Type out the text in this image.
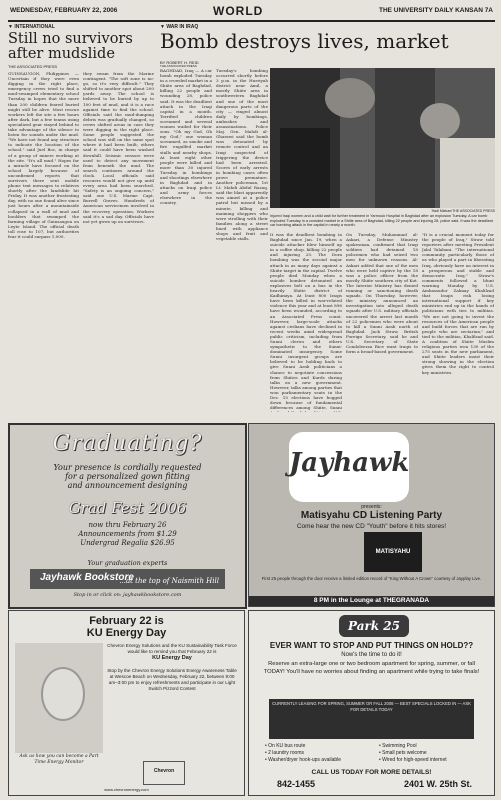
WEDNESDAY, FEBRUARY 22, 2006	WORLD	THE UNIVERSITY DAILY KANSAN 7A
▼ INTERNATIONAL
Still no survivors after mudslide
THE ASSOCIATED PRESS
GUINSAUGON, Philippines — Uncertain if they were even digging in the right place, emergency crews tried to find a mud-swamped elementary school Tuesday in hopes that the more than 200 children feared buried might still be alive. Most rescue workers left the site a few hours after dark, but a few teams using specialized gear stayed behind to take advantage of the silence to listen for sounds under the mud. "We have not found any structure to indicate the location of the school," said Juel Boc, in charge of a group of miners working at the site. "It's all mud." Hopes for a miracle have focused on the school largely because of unconfirmed reports that survivors there sent mobile phone text messages to relatives shortly after the landslide hit Friday. It was another frustrating day, with no one found alive since just hours after a mountainside collapsed in a wall of mud and boulders that swamped the farming village of Guinsaugon on Leyte Island. The official death toll rose to 107, but authorities fear it could surpass 1,000.
they swam from the Marine contingent. "The soft zone is no-go, so it's very difficult." They shifted to another spot about 200 yards away. The school is believed to be buried by up to 100 feet of mud, and it is a race against time to find the school. Officials said the mud-dumping debris was gradually changed, so crews shifted areas in case they were digging in the right place. Some people suggested the school was still on the same spot where it had been built; others said it could have been washed downhill. Seismic sensors were used to detect any movement from beneath the mud. The search continues around the clock. Local officials said rescuers would not give up until every area had been searched. "Safety is an ongoing concern," said one U.S. Marine Capt. Burrell Graves. Hundreds of American servicemen involved in the recovery operation. Workers said it's a sad day. Officials have not yet given up on survivors.
▼ WAR IN IRAQ
Bomb destroys lives, market
BY ROBERT H. REID
THE ASSOCIATED PRESS
BAGHDAD, Iraq — A car bomb exploded Tuesday in a crowded market in a Shiite area of Baghdad, killing 22 people and wounding 28, police said. It was the deadliest attack in the Iraqi capital in a month. Terrified children screamed and several women wailed for their sons. "Oh my God, Oh my God," one woman screamed, as smoke and fire engulfed market stalls and nearby shops. At least eight other people were killed and more than 30 injured Tuesday in bombings and shootings elsewhere in Baghdad and in attacks on Iraqi police and army forces elsewhere in the country.
Tuesday's bombing occurred shortly before 3 p.m. in the Hurriyah district near Amil, a mostly Shiite area in southwestern Baghdad and one of the most dangerous parts of the city — ringed almost daily by bombings, ambushes and assassinations. Police Maj. Gen. Mahdi al-Gharawi said the bomb was detonated by remote control and an Iraqi suspected of triggering the device had been arrested. Scores of early arrests in bombing cases often prove premature. Another policeman, 1st Lt. Mahdi Abdul Razaq, said the blast apparently was aimed at a police patrol but missed by a minute, killing and maiming shoppers who were strolling with their families along a street lined with appliance shops and fruit and vegetable stalls.
Hadi Mizban/THE ASSOCIATED PRESS
Injured Iraqi women and a child wait for further treatment in Yarmouk Hospital in Baghdad after an explosion Tuesday. A car bomb exploded Tuesday in a crowded market in a Shiite area of Baghdad, killing 22 people and injuring 28, police said. It was the deadliest car bombing attack in the capital in nearly a month.
It was the deadliest bombing in Baghdad since Jan. 19, when a suicide attacker blew himself up in a coffee shop, killing 22 people and injuring 25. The Dora bombing was the second major attack in as many days against a Shiite target in the capital. Twelve people died Monday when a suicide bomber detonated an explosives belt on a bus in the heavily Shiite district of Kadhimiya. At least 800 Iraqis have been killed in war-related violence this year and at least 896 have been wounded, according to an Associated Press count. However, large-scale attacks against civilians have declined in recent weeks amid widespread public criticism, including from Sunni clerics and others sympathetic to the Sunni-dominated insurgency. Some Sunni insurgent groups are believed to be holding back to give Sunni Arab politicians a chance to negotiate concessions from Shiites and Kurds during talks on a new government. However, talks among parties that won parliamentary seats in the Dec. 15 elections have bogged down because of fundamental differences among Shiite, Sunni
On Tuesday, Muhammad al-Askari, a Defense Ministry spokesman, confirmed that Iraqi soldiers had detained 18 policemen who had seized two men for unknown reasons. Al-Askari added that one of the men who were held captive by the 18 was a police officer from the mostly Shiite southern city of Kut. The Interior Ministry has denied running or sanctioning death squads. On Thursday, however, the ministry announced an investigation into alleged death squads after U.S. military officials uncovered the arrest last month of 22 policemen who were about to kill a Sunni Arab north of Baghdad. Jack Straw, British Foreign Secretary, said he and U.S. Secretary of State Condoleezza Rice want Iraqis to form a broad-based government.
"It is a crucial moment today for the people of Iraq," Straw told reporters after meeting President Jalal Talabani. "The international community particularly those of us who played a part in liberating Iraq, obviously have an interest in a prosperous and stable and democratic Iraq." Straw's comments followed a blunt warning Monday by U.S. Ambassador Zalmay Khalilzad that Iraqis risk losing international support if key ministries end up in the hands of politicians with ties to militias. "We are not going to invest the resources of the American people and build forces that are run by people who are sectarian," and tied to the militias, Khalilzad said. A coalition of Shiite Muslim religious parties won 130 of the 275 seats in the new parliament, and Shiite leaders insist their strong showing in the election gives them the right to control key ministries.
Graduating?
Your presence is cordially requested
for a personalized gown fitting
and announcement designing
Grad Fest 2006
now thru February 26
Announcements from $1.29
Undergrad Regalia $26.95
Your graduation experts
Jayhawk Bookstore
...at the top of Naismith Hill
Stop in or click on: jayhawkbookstore.com
Jayhawk
presents:
Matisyahu CD Listening Party
Come hear the new CD "Youth" before it hits stores!
MATISYAHU
First 25 people through the door receive a limited edition record of "King Without A Crown" courtesy of Jayplay Live.
8 PM in the Lounge at THEGRANADA
February 22 is
KU Energy Day
Ask us how you can become a Part Time Energy Monitor
Chevron Energy Solutions and the KU Sustainability Task Force would like to remind you that February 22 is
KU Energy Day
Stop by the Chevron Energy Solutions Energy Awareness Table at Wescoe Beach on Wednesday, February 22, between 9:00 am–3:00 pm to enjoy refreshments and participate in our Light Switch Pizzord Contest
Chevron
www.chevronenergy.com
Park 25
EVER WANT TO STOP AND PUT THINGS ON HOLD??
Now's the time to do it!
Reserve an extra-large one or two bedroom apartment for spring, summer, or fall TODAY! You'll have no worries about finding an apartment while trying to take finals!
CURRENTLY LEASING FOR SPRING, SUMMER OR FALL 2006 — BEST SPECIALS LOCKED IN — ASK FOR DETAILS TODAY
• On KU bus route
• 2 laundry rooms
• Washer/dryer hook-ups available
• Swimming Pool
• Small pets welcome
• Wired for high-speed internet
CALL US TODAY FOR MORE DETAILS!
842-1455	2401 W. 25th St.
